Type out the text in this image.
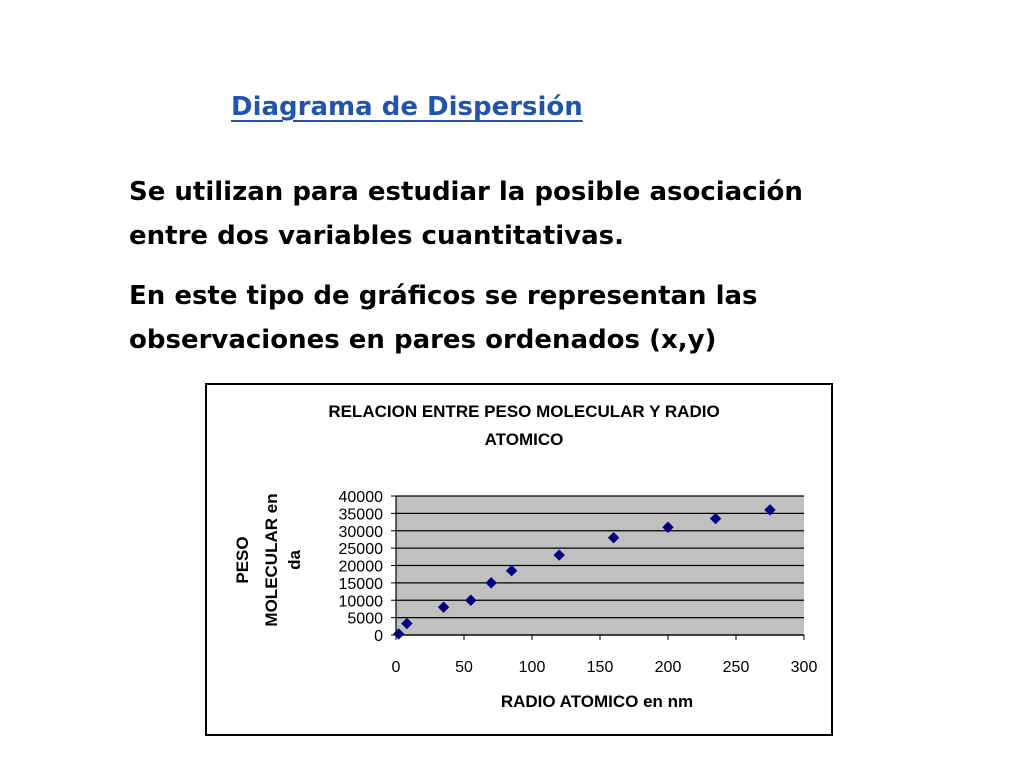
Diagrama de Dispersión
Se utilizan para estudiar la posible asociación
entre dos variables cuantitativas.
En este tipo de gráficos se representan las
observaciones en pares ordenados (x,y)
RELACION ENTRE PESO MOLECULAR Y RADIO
ATOMICO
PESO MOLECULAR en da
RADIO ATOMICO en nm
0
5000
10000
15000
20000
25000
30000
35000
40000
0	50	100	150	200	250	300
